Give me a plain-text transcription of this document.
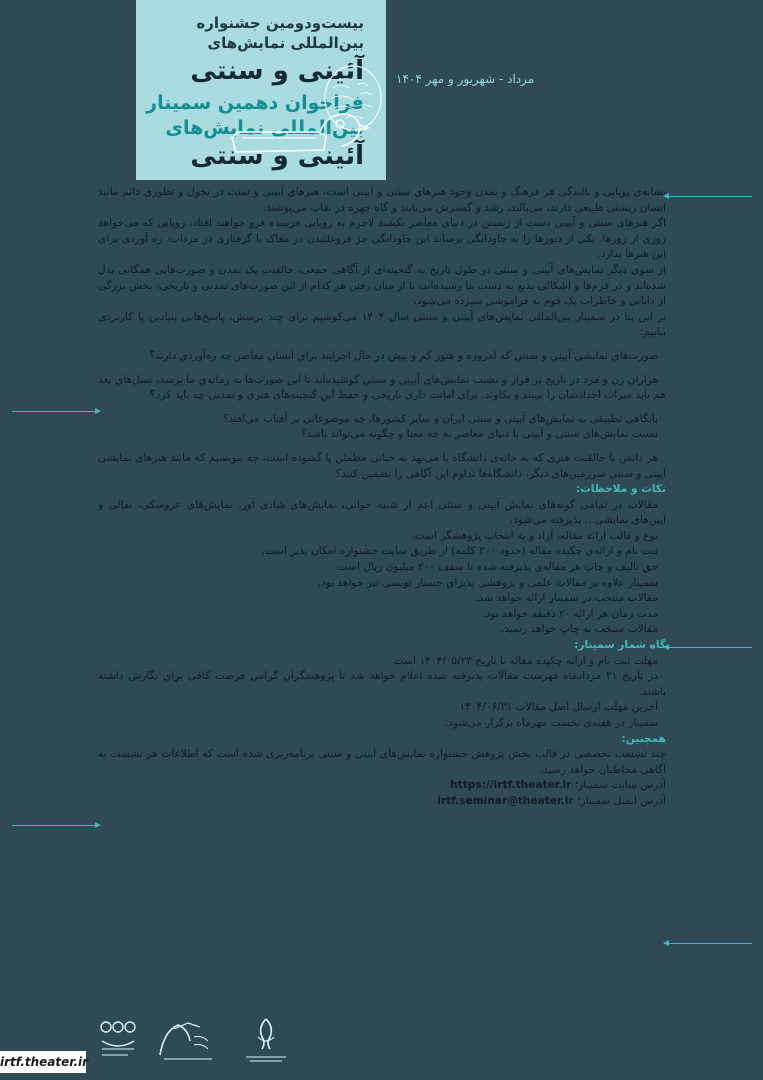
بیست‌ودومین جشنواره
بین‌المللی نمایش‌های
آئینی و سنتی
فراخوان دهمین سمینار
بین‌المللی نمایش‌های
آئینی و سنتی
مرداد - شهریور و مهر ۱۴۰۴

نشانه‌ی پویایی و بالندگی هر فرهنگ و تمدن وجود هنرهای سنتی و آیینی است، هنرهای آیینی و سنت در تحول و تطوری دائم مانند انسان زیستی طبیعی دارند، می‌بالند، رشد و گسترش می‌یابند و گاه چهره در نقاب می‌پوشند.

اگر هنرهای سنتی و آیینی دست از زیستن در دنیای معاصر بکشند لاجرم به رویایی فریبنده فرو خواهند افتاد، رویایی که می‌خواهد روزی از روزها، یکی از دیوزها را به جاودانگی برساند این جاودانگی جز فروغلتیدن در مغاک یا گرفتاری در مرداب، ره آوردی برای این هنرها ندارد.

از سوی دیگر نمایش‌های آیینی و سنتی در طول تاریخ به گنجینه‌ای از آگاهی جمعی، خالقیت یک تمدن و صورت‌هایی همگانی بدل شده‌اند و در فرم‌ها و اشکالی بدیع به دست ما رسیده‌اند، با از میان رفتن هر کدام از این صورت‌های تمدنی و تاریخی، بخش بزرگی از دانایی و خاطرات یک قوم به فراموشی سپرده می‌شود.

بر این بنا در سمینار بین‌المللی نمایش‌های آیینی و سنتی سال ۱۴۰۴ می‌کوشیم برای چند پرسش، پاسخ‌هایی بنیادین یا کاربردی بیابیم:

▸ صورت‌های نمایشی آیینی و سنتی که امروزه و هنوز کم و بیش در حال اجرایند برای انسان معاصر چه ره‌آوردی دارند؟

▸ هزاران زن و مرد در تاریخ پر فراز و نشیب نمایش‌های آیینی و سنتی کوشیده‌اند تا این صورت‌ها به زمانه‌ی ما برسد، نسل‌های بعد هم باید میراث اجدادشان را ببینند و بکاوند. برای امانت داری تاریخی و حفظ این گنجینه‌های هنری و تمدنی چه باید کرد؟

▸ بانگاهی تطبیقی به نمایش‌های آیینی و سنتی ایران و سایر کشورها، چه موضوعاتی بر آفتاب می‌افتد؟

▸ نسبت نمایش‌های سنتی و آیینی با دنیای معاصر به چه معنا و چگونه می‌تواند باشد؟

▸ هر دانش یا خالقیت هنری که به خانه‌ی دانشگاه پا می‌نهد به حیاتی مطمئن پا گشوده است، چه بنویسیم که مانند هنرهای نمایشی آیینی و سنتی سرزمین‌های دیگر، دانشگاه‌ها تداوم این آگاهی را تضمین کنند؟

نکات و ملاحظات:

▸ مقالات در تمامی گونه‌های نمایش آیینی و سنتی اعم از شبیه خوانی، نمایش‌های شادی آور، نمایش‌های عروسکی، نقالی و آیین‌های نمایشی... پذیرفته می‌شود.

▸ نوع و قالب ارائه مقاله، آزاد و به انتخاب پژوهشگر است.

▸ ثبت نام و ارائه‌ی چکیده مقاله (حدود ۳۰۰ کلمه) از طریق سایت جشنواره امکان پذیر است.

▸ حق تالیف و چاپ هر مقاله‌ی پذیرفته شده تا سقف ۲۰۰ میلیون ریال است.

▸ سمینار علاوه بر مقالات علمی و پژوهشی پذیرای جستار نویسی نیز خواهد بود.

▸ مقالات منتخب در سمینار ارائه خواهد شد.

▸ مدت زمان هر ارائه ۲۰ دقیقه خواهد بود.

▸ مقالات منتخب به چاپ خواهد رسید.

گاه شمار سمینار:

▸ مهلت ثبت نام و ارائه چکیده مقاله تا تاریخ ۱۴۰۴/۰۵/۲۳ است.

▸ در تاریخ ۳۱ مردادماه فهرست مقالات پذیرفته شده اعلام خواهد شد تا پژوهشگران گرامی فرصت کافی برای نگارش داشته باشند.

▸ آخرین مهلت ارسال اصل مقالات ۱۴۰۴/۰۶/۳۱

▸ سمینار در هفته‌ی نخست مهرماه برگزار می‌شود.

همچنین:

چند نشست تخصصی در قالب بخش پژوهش جشنواره نمایش‌های آیینی و سنتی برنامه‌ریزی شده است که اطلاعات هر نشست به آگاهی مخاطبان خواهد رسید.

آدرس سایت سمینار: https://irtf.theater.ir

آدرس ایمیل سمینار: irtf.seminar@theater.ir

irtf.theater.ir
